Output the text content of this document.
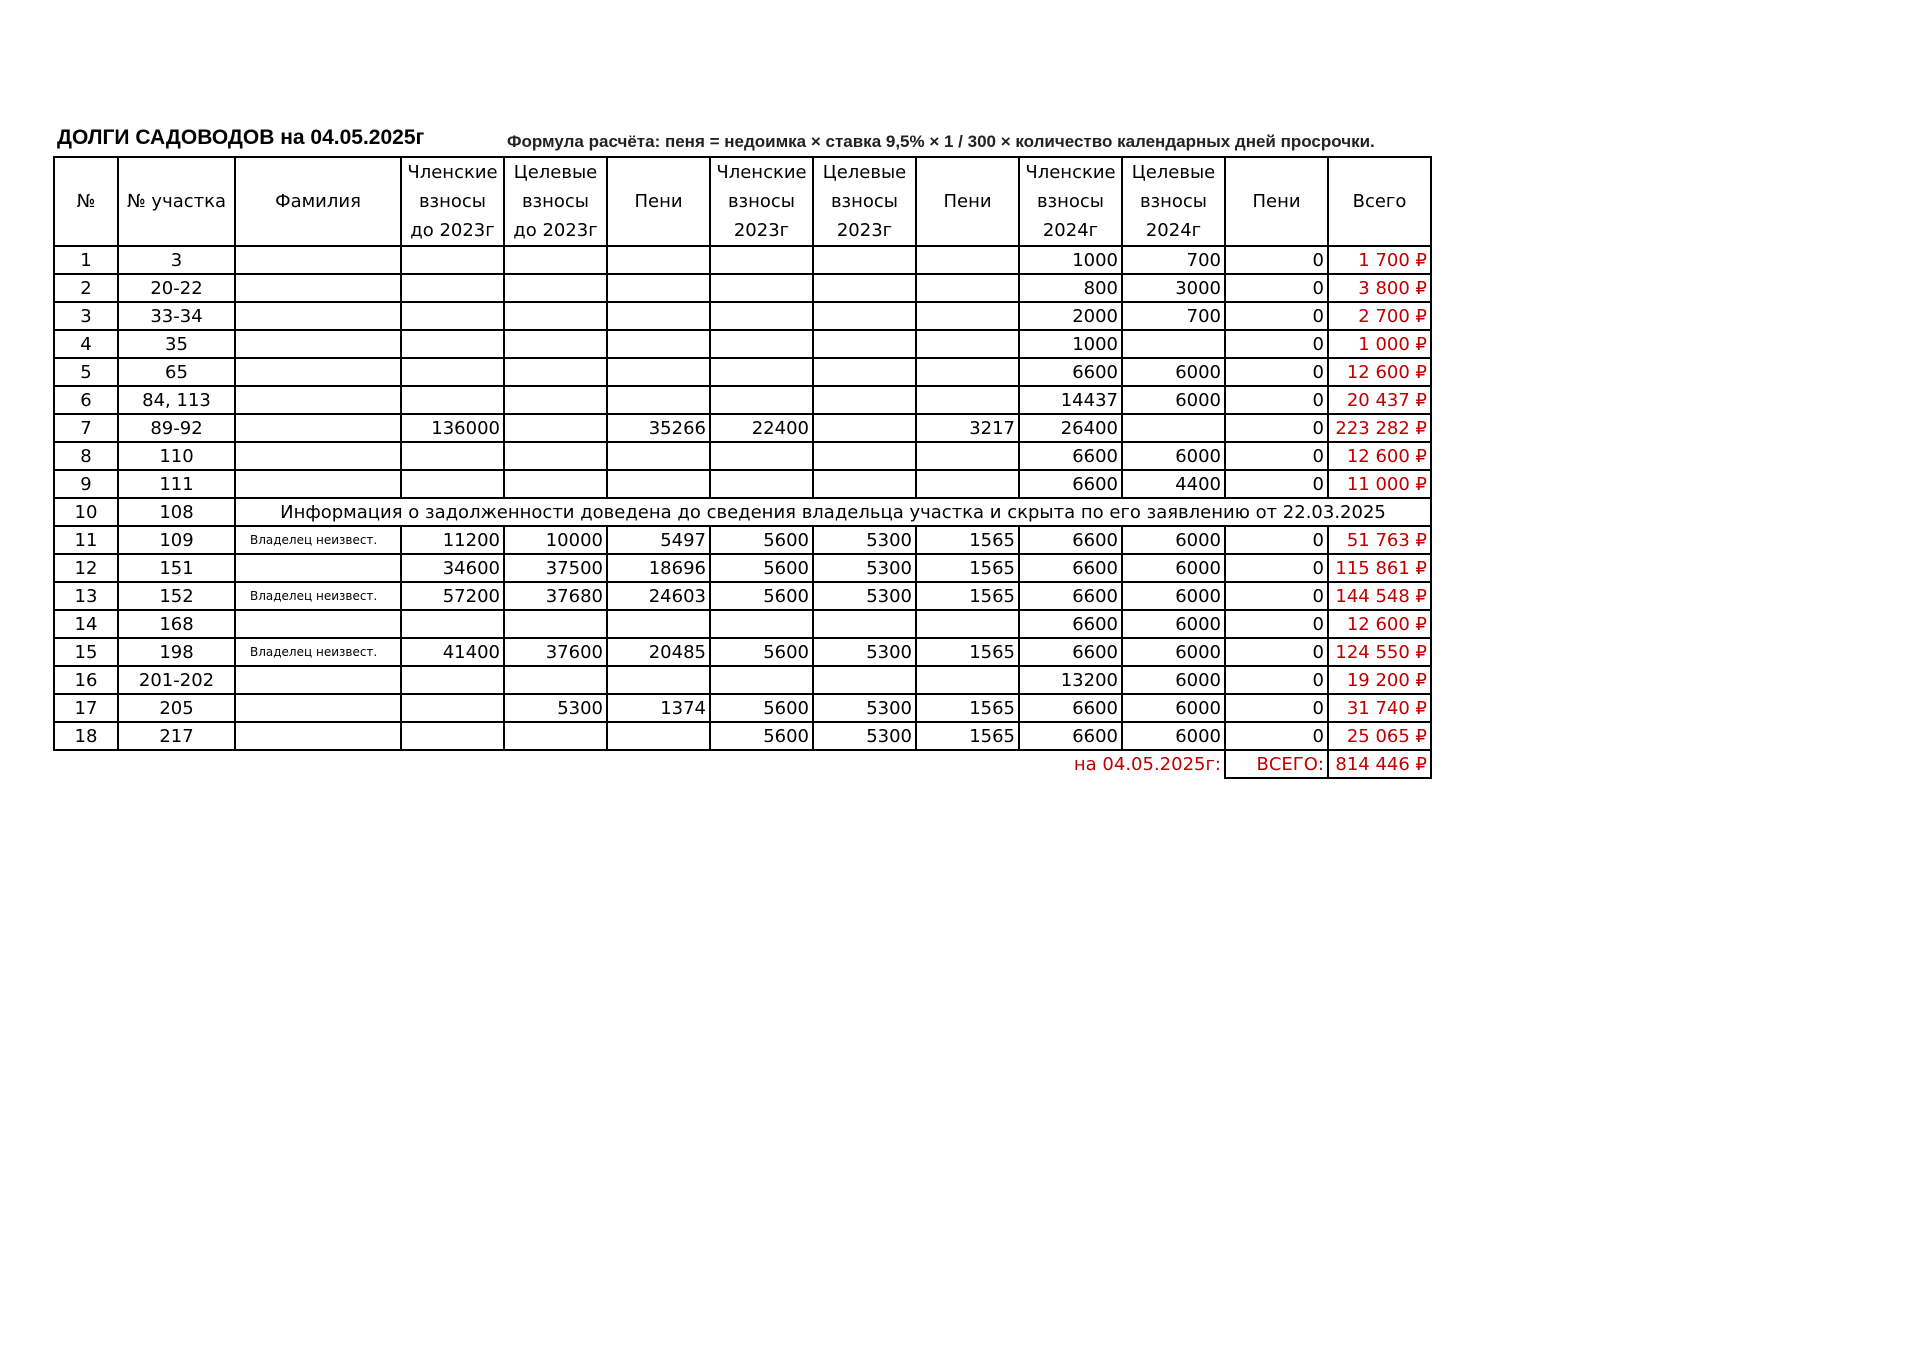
ДОЛГИ САДОВОДОВ на 04.05.2025г	Формула расчёта: пеня = недоимка × ставка 9,5% × 1 / 300 × количество календарных дней просрочки.
№	№ участка	Фамилия	Членские
взносы
до 2023г	Целевые
взносы
до 2023г	Пени	Членские
взносы
2023г	Целевые
взносы
2023г	Пени	Членские
взносы
2024г	Целевые
взносы
2024г	Пени	Всего
1	3								1000	700	0	1 700 ₽
2	20-22								800	3000	0	3 800 ₽
3	33-34								2000	700	0	2 700 ₽
4	35								1000		0	1 000 ₽
5	65								6600	6000	0	12 600 ₽
6	84, 113								14437	6000	0	20 437 ₽
7	89-92		136000		35266	22400		3217	26400		0	223 282 ₽
8	110								6600	6000	0	12 600 ₽
9	111								6600	4400	0	11 000 ₽
10	108	Информация о задолженности доведена до сведения владельца участка и скрыта по его заявлению от 22.03.2025										
11	109	Владелец неизвест.	11200	10000	5497	5600	5300	1565	6600	6000	0	51 763 ₽
12	151		34600	37500	18696	5600	5300	1565	6600	6000	0	115 861 ₽
13	152	Владелец неизвест.	57200	37680	24603	5600	5300	1565	6600	6000	0	144 548 ₽
14	168								6600	6000	0	12 600 ₽
15	198	Владелец неизвест.	41400	37600	20485	5600	5300	1565	6600	6000	0	124 550 ₽
16	201-202								13200	6000	0	19 200 ₽
17	205			5300	1374	5600	5300	1565	6600	6000	0	31 740 ₽
18	217					5600	5300	1565	6600	6000	0	25 065 ₽
						на 04.05.2025г:					ВСЕГО:	814 446 ₽
